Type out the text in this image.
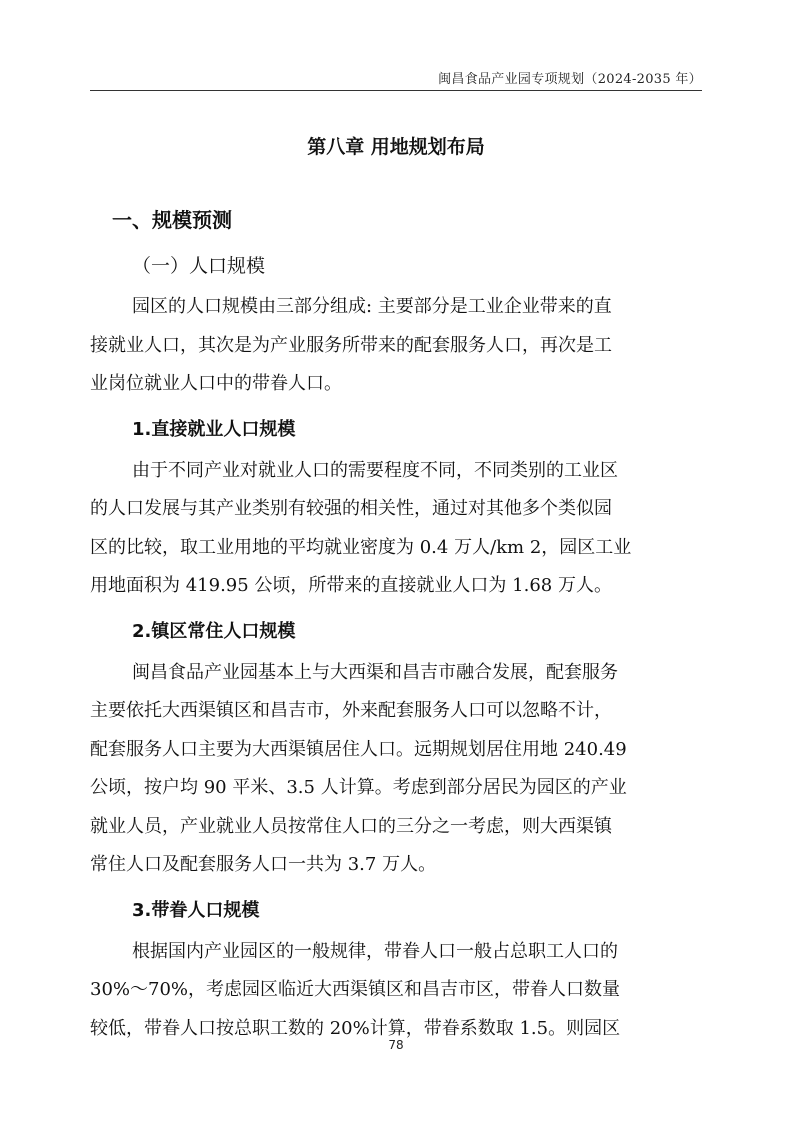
闽昌食品产业园专项规划（2024-2035 年）
第八章 用地规划布局
一、规模预测
（一）人口规模

园区的人口规模由三部分组成: 主要部分是工业企业带来的直
接就业人口，其次是为产业服务所带来的配套服务人口，再次是工
业岗位就业人口中的带眷人口。

1.直接就业人口规模

由于不同产业对就业人口的需要程度不同，不同类别的工业区
的人口发展与其产业类别有较强的相关性，通过对其他多个类似园
区的比较，取工业用地的平均就业密度为 0.4 万人/km 2，园区工业
用地面积为 419.95 公顷，所带来的直接就业人口为 1.68 万人。

2.镇区常住人口规模

闽昌食品产业园基本上与大西渠和昌吉市融合发展，配套服务
主要依托大西渠镇区和昌吉市，外来配套服务人口可以忽略不计，
配套服务人口主要为大西渠镇居住人口。远期规划居住用地 240.49
公顷，按户均 90 平米、3.5 人计算。考虑到部分居民为园区的产业
就业人员，产业就业人员按常住人口的三分之一考虑，则大西渠镇
常住人口及配套服务人口一共为 3.7 万人。

3.带眷人口规模

根据国内产业园区的一般规律，带眷人口一般占总职工人口的
30%～70%，考虑园区临近大西渠镇区和昌吉市区，带眷人口数量
较低，带眷人口按总职工数的 20%计算，带眷系数取 1.5。则园区

78
